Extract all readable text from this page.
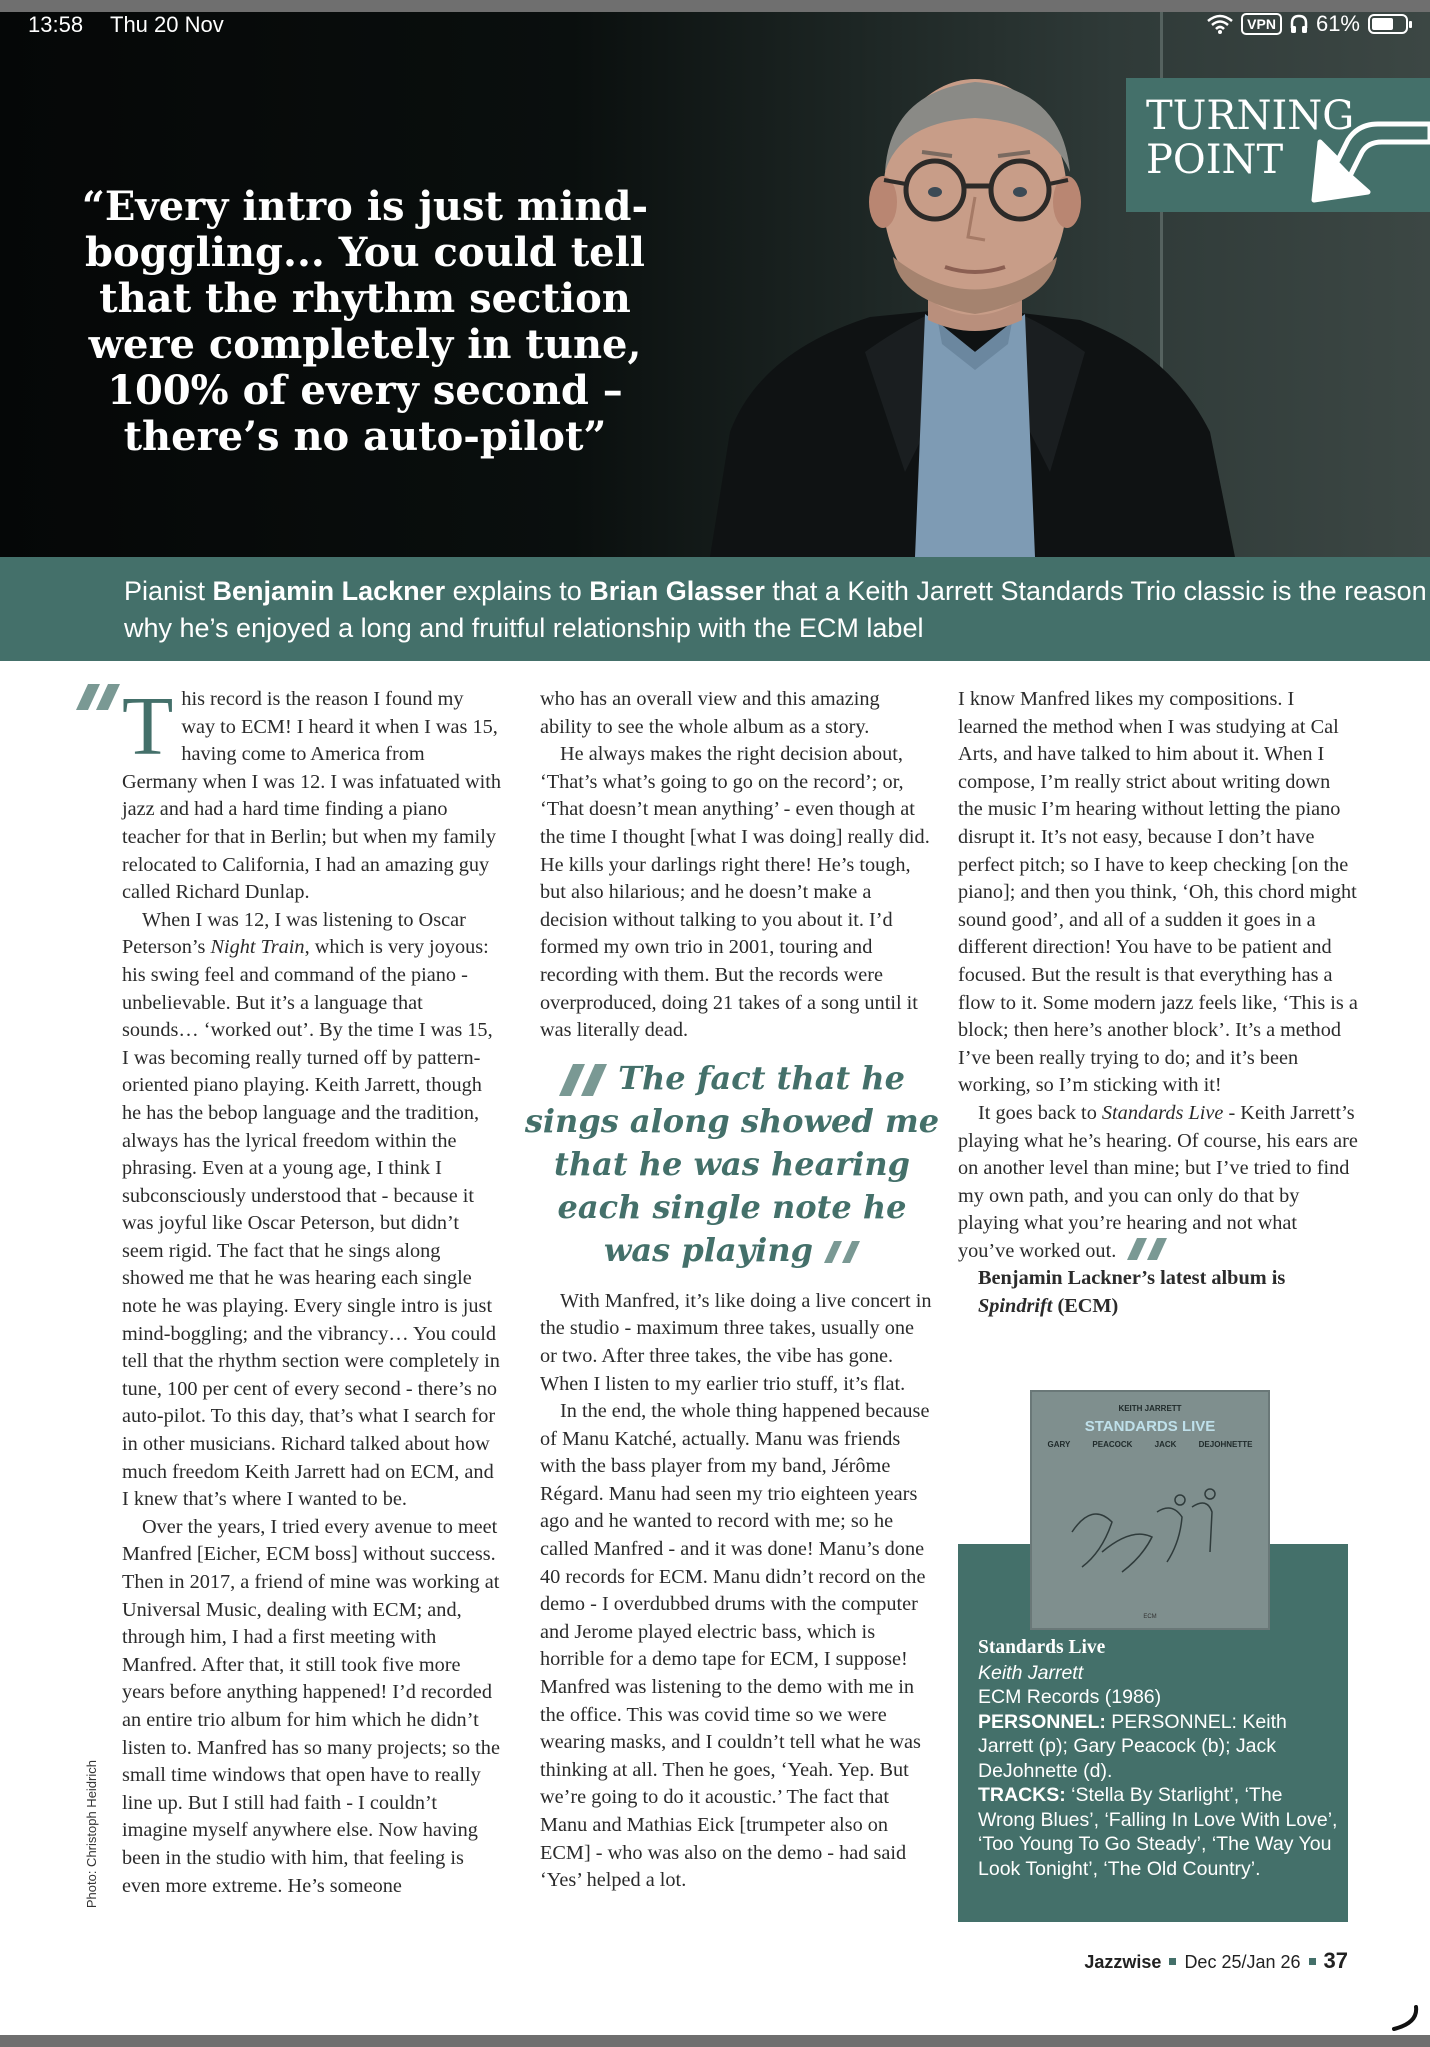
“Every intro is just mind-boggling... You could tell that the rhythm section were completely in tune, 100% of every second – there’s no auto-pilot”
TURNING
POINT
13:58 Thu 20 Nov	VPN 61%
Pianist Benjamin Lackner explains to Brian Glasser that a Keith Jarrett Standards Trio classic is the reason why he’s enjoyed a long and fruitful relationship with the ECM label
T his record is the reason I found my way to ECM! I heard it when I was 15, having come to America from Germany when I was 12. I was infatuated with jazz and had a hard time finding a piano teacher for that in Berlin; but when my family relocated to California, I had an amazing guy called Richard Dunlap.

When I was 12, I was listening to Oscar Peterson’s Night Train, which is very joyous: his swing feel and command of the piano - unbelievable. But it’s a language that sounds… ‘worked out’. By the time I was 15, I was becoming really turned off by pattern-oriented piano playing. Keith Jarrett, though he has the bebop language and the tradition, always has the lyrical freedom within the phrasing. Even at a young age, I think I subconsciously understood that - because it was joyful like Oscar Peterson, but didn’t seem rigid. The fact that he sings along showed me that he was hearing each single note he was playing. Every single intro is just mind-boggling; and the vibrancy… You could tell that the rhythm section were completely in tune, 100 per cent of every second - there’s no auto-pilot. To this day, that’s what I search for in other musicians. Richard talked about how much freedom Keith Jarrett had on ECM, and I knew that’s where I wanted to be.

Over the years, I tried every avenue to meet Manfred [Eicher, ECM boss] without success. Then in 2017, a friend of mine was working at Universal Music, dealing with ECM; and, through him, I had a first meeting with Manfred. After that, it still took five more years before anything happened! I’d recorded an entire trio album for him which he didn’t listen to. Manfred has so many projects; so the small time windows that open have to really line up. But I still had faith - I couldn’t imagine myself anywhere else. Now having been in the studio with him, that feeling is even more extreme. He’s someone

who has an overall view and this amazing ability to see the whole album as a story.

He always makes the right decision about, ‘That’s what’s going to go on the record’; or, ‘That doesn’t mean anything’ - even though at the time I thought [what I was doing] really did. He kills your darlings right there! He’s tough, but also hilarious; and he doesn’t make a decision without talking to you about it. I’d formed my own trio in 2001, touring and recording with them. But the records were overproduced, doing 21 takes of a song until it was literally dead.

The fact that he sings along showed me that he was hearing each single note he was playing

With Manfred, it’s like doing a live concert in the studio - maximum three takes, usually one or two. After three takes, the vibe has gone. When I listen to my earlier trio stuff, it’s flat.

In the end, the whole thing happened because of Manu Katché, actually. Manu was friends with the bass player from my band, Jérôme Régard. Manu had seen my trio eighteen years ago and he wanted to record with me; so he called Manfred - and it was done! Manu’s done 40 records for ECM. Manu didn’t record on the demo - I overdubbed drums with the computer and Jerome played electric bass, which is horrible for a demo tape for ECM, I suppose! Manfred was listening to the demo with me in the office. This was covid time so we were wearing masks, and I couldn’t tell what he was thinking at all. Then he goes, ‘Yeah. Yep. But we’re going to do it acoustic.’ The fact that Manu and Mathias Eick [trumpeter also on ECM] - who was also on the demo - had said ‘Yes’ helped a lot.

I know Manfred likes my compositions. I learned the method when I was studying at Cal Arts, and have talked to him about it. When I compose, I’m really strict about writing down the music I’m hearing without letting the piano disrupt it. It’s not easy, because I don’t have perfect pitch; so I have to keep checking [on the piano]; and then you think, ‘Oh, this chord might sound good’, and all of a sudden it goes in a different direction! You have to be patient and focused. But the result is that everything has a flow to it. Some modern jazz feels like, ‘This is a block; then here’s another block’. It’s a method I’ve been really trying to do; and it’s been working, so I’m sticking with it!

It goes back to Standards Live - Keith Jarrett’s playing what he’s hearing. Of course, his ears are on another level than mine; but I’ve tried to find my own path, and you can only do that by playing what you’re hearing and not what you’ve worked out.

Benjamin Lackner’s latest album is Spindrift (ECM)

Photo: Christoph Heidrich
KEITH JARRETT
STANDARDS LIVE
GARY PEACOCK JACK DEJOHNETTE
ECM
Standards Live
Keith Jarrett
ECM Records (1986)
PERSONNEL: PERSONNEL: Keith Jarrett (p); Gary Peacock (b); Jack DeJohnette (d).
TRACKS: ‘Stella By Starlight’, ‘The Wrong Blues’, ‘Falling In Love With Love’, ‘Too Young To Go Steady’, ‘The Way You Look Tonight’, ‘The Old Country’.
Jazzwise Dec 25/Jan 26 37
